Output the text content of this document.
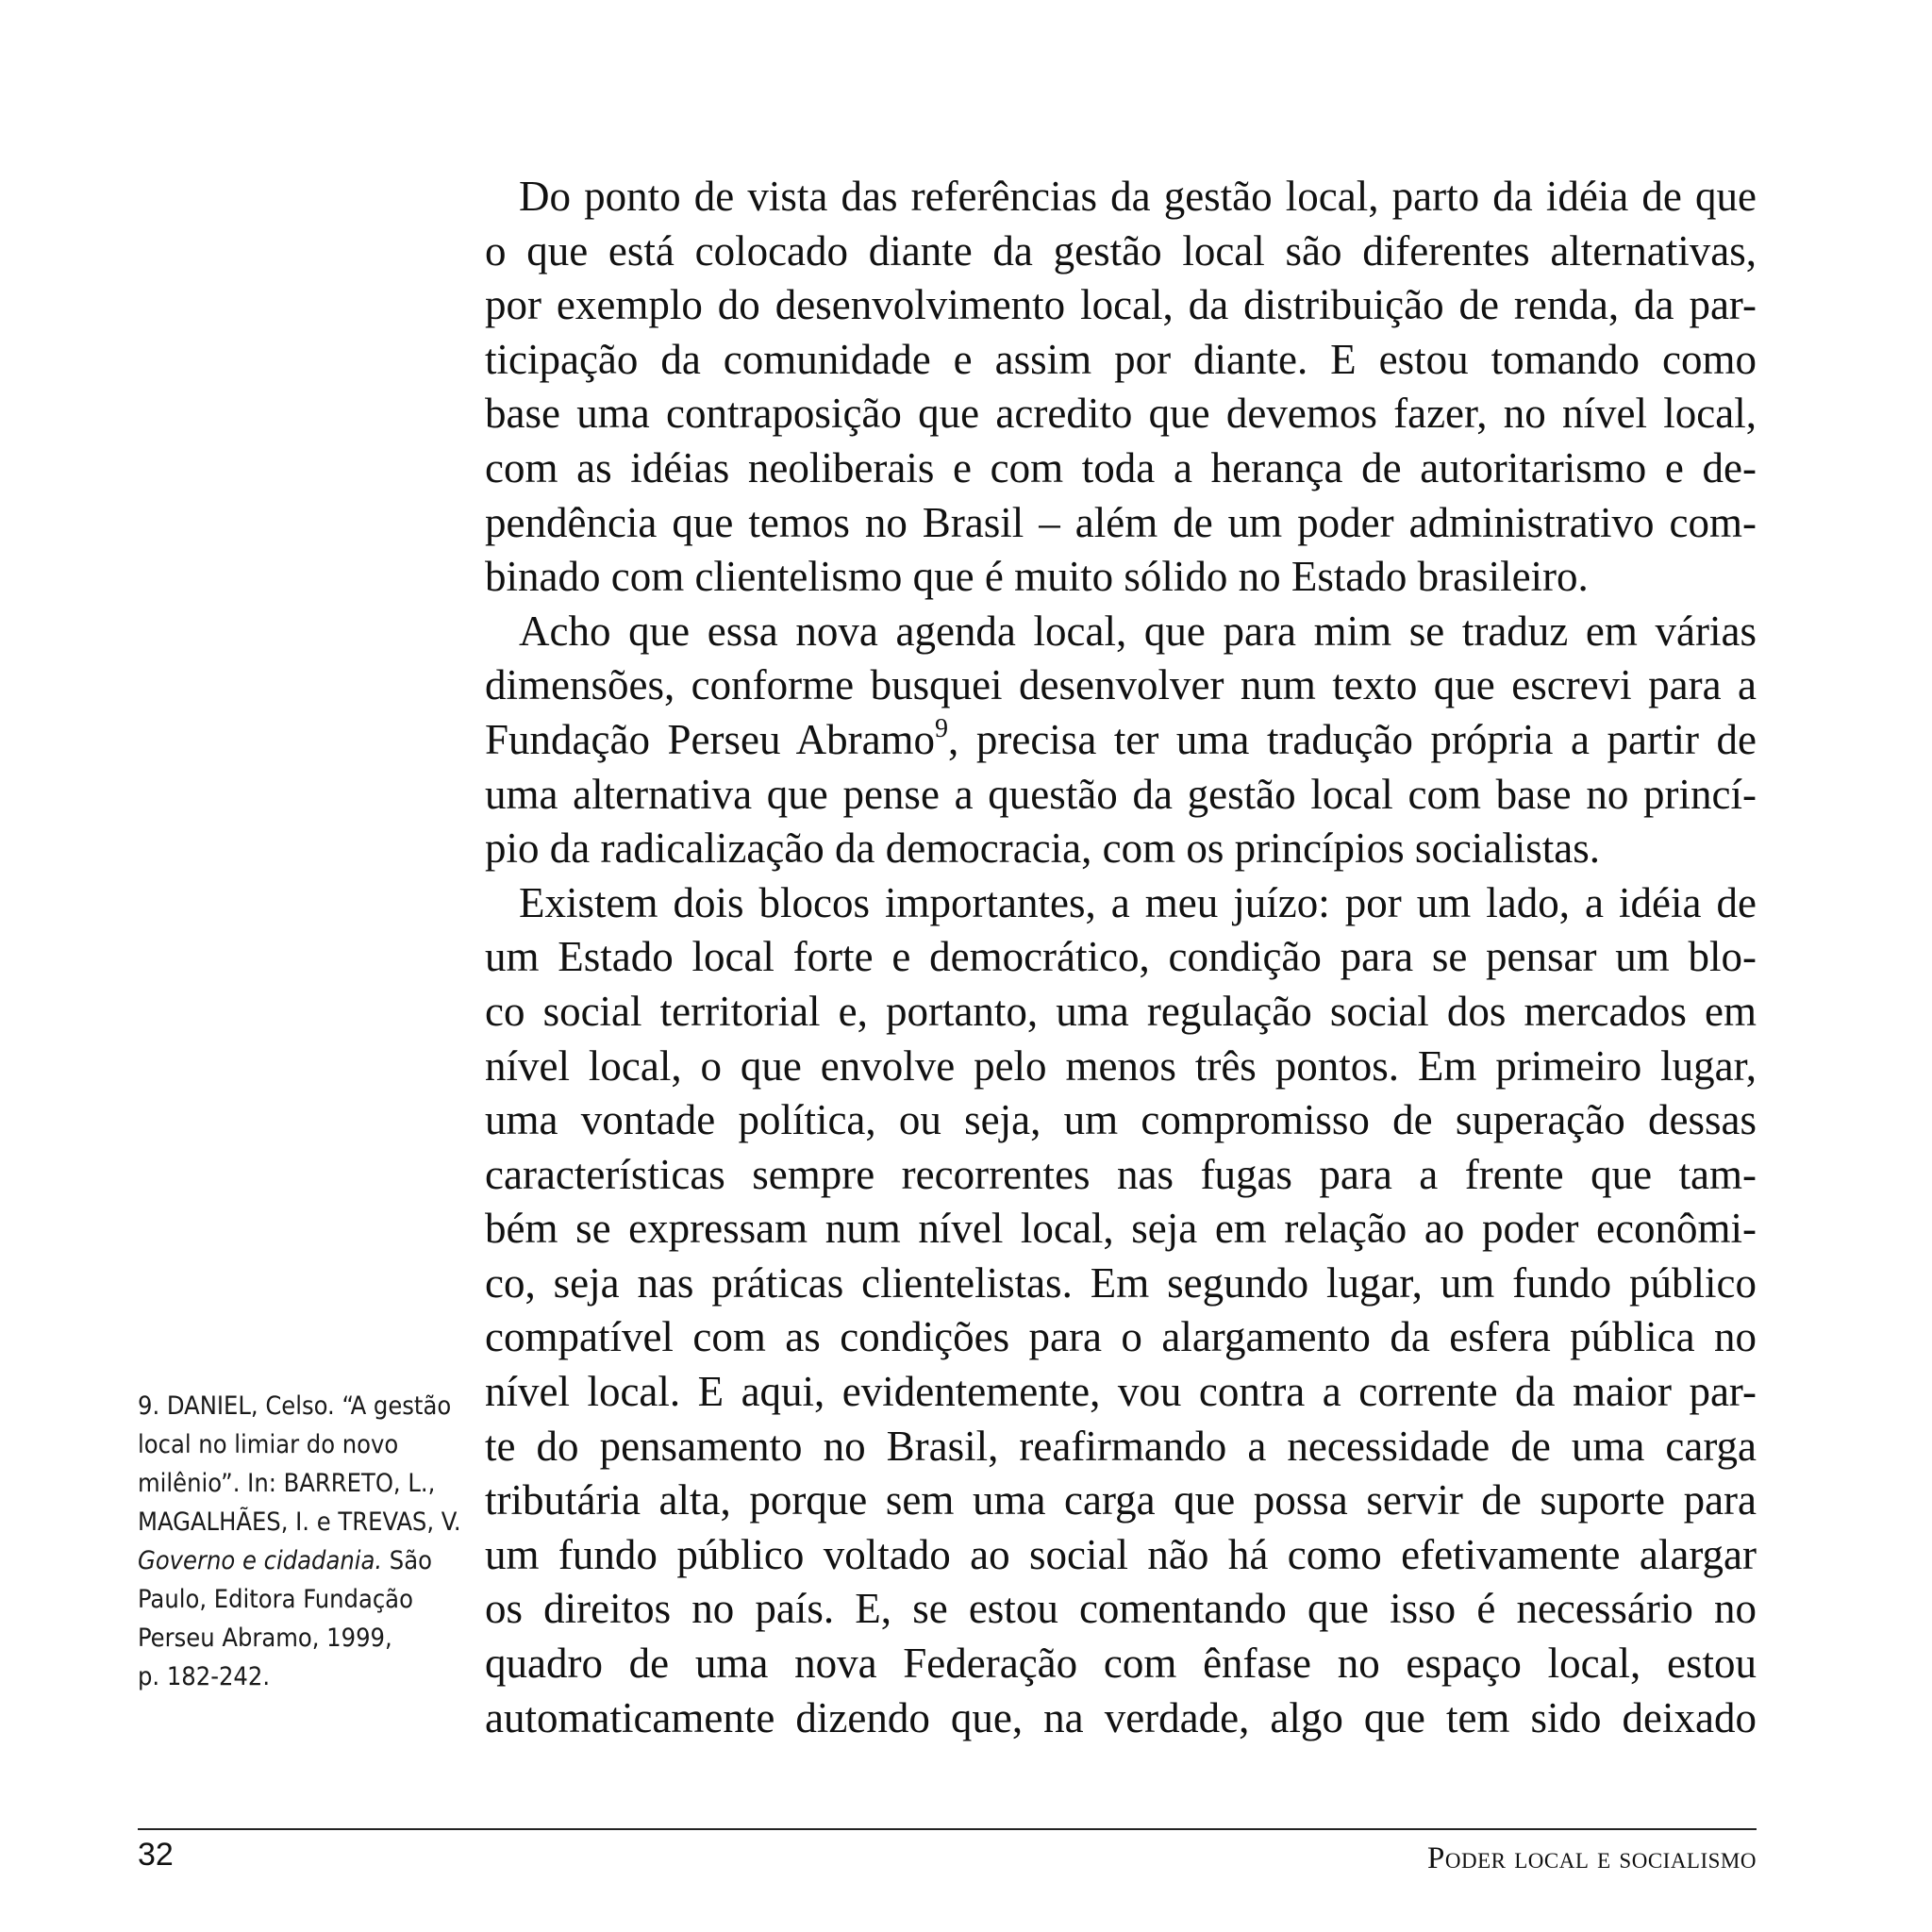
Do ponto de vista das referências da gestão local, parto da idéia de que
o que está colocado diante da gestão local são diferentes alternativas,
por exemplo do desenvolvimento local, da distribuição de renda, da par-
ticipação da comunidade e assim por diante. E estou tomando como
base uma contraposição que acredito que devemos fazer, no nível local,
com as idéias neoliberais e com toda a herança de autoritarismo e de-
pendência que temos no Brasil – além de um poder administrativo com-
binado com clientelismo que é muito sólido no Estado brasileiro.
Acho que essa nova agenda local, que para mim se traduz em várias
dimensões, conforme busquei desenvolver num texto que escrevi para a
Fundação Perseu Abramo$^9$, precisa ter uma tradução própria a partir de
uma alternativa que pense a questão da gestão local com base no princí-
pio da radicalização da democracia, com os princípios socialistas.
Existem dois blocos importantes, a meu juízo: por um lado, a idéia de
um Estado local forte e democrático, condição para se pensar um blo-
co social territorial e, portanto, uma regulação social dos mercados em
nível local, o que envolve pelo menos três pontos. Em primeiro lugar,
uma vontade política, ou seja, um compromisso de superação dessas
características sempre recorrentes nas fugas para a frente que tam-
bém se expressam num nível local, seja em relação ao poder econômi-
co, seja nas práticas clientelistas. Em segundo lugar, um fundo público
compatível com as condições para o alargamento da esfera pública no
nível local. E aqui, evidentemente, vou contra a corrente da maior par-
te do pensamento no Brasil, reafirmando a necessidade de uma carga
tributária alta, porque sem uma carga que possa servir de suporte para
um fundo público voltado ao social não há como efetivamente alargar
os direitos no país. E, se estou comentando que isso é necessário no
quadro de uma nova Federação com ênfase no espaço local, estou
automaticamente dizendo que, na verdade, algo que tem sido deixado
9. DANIEL, Celso. “A gestão
local no limiar do novo
milênio”. In: BARRETO, L.,
MAGALHÃES, I. e TREVAS, V.
Governo e cidadania. São
Paulo, Editora Fundação
Perseu Abramo, 1999,
p. 182-242.
32	Poder local e socialismo
